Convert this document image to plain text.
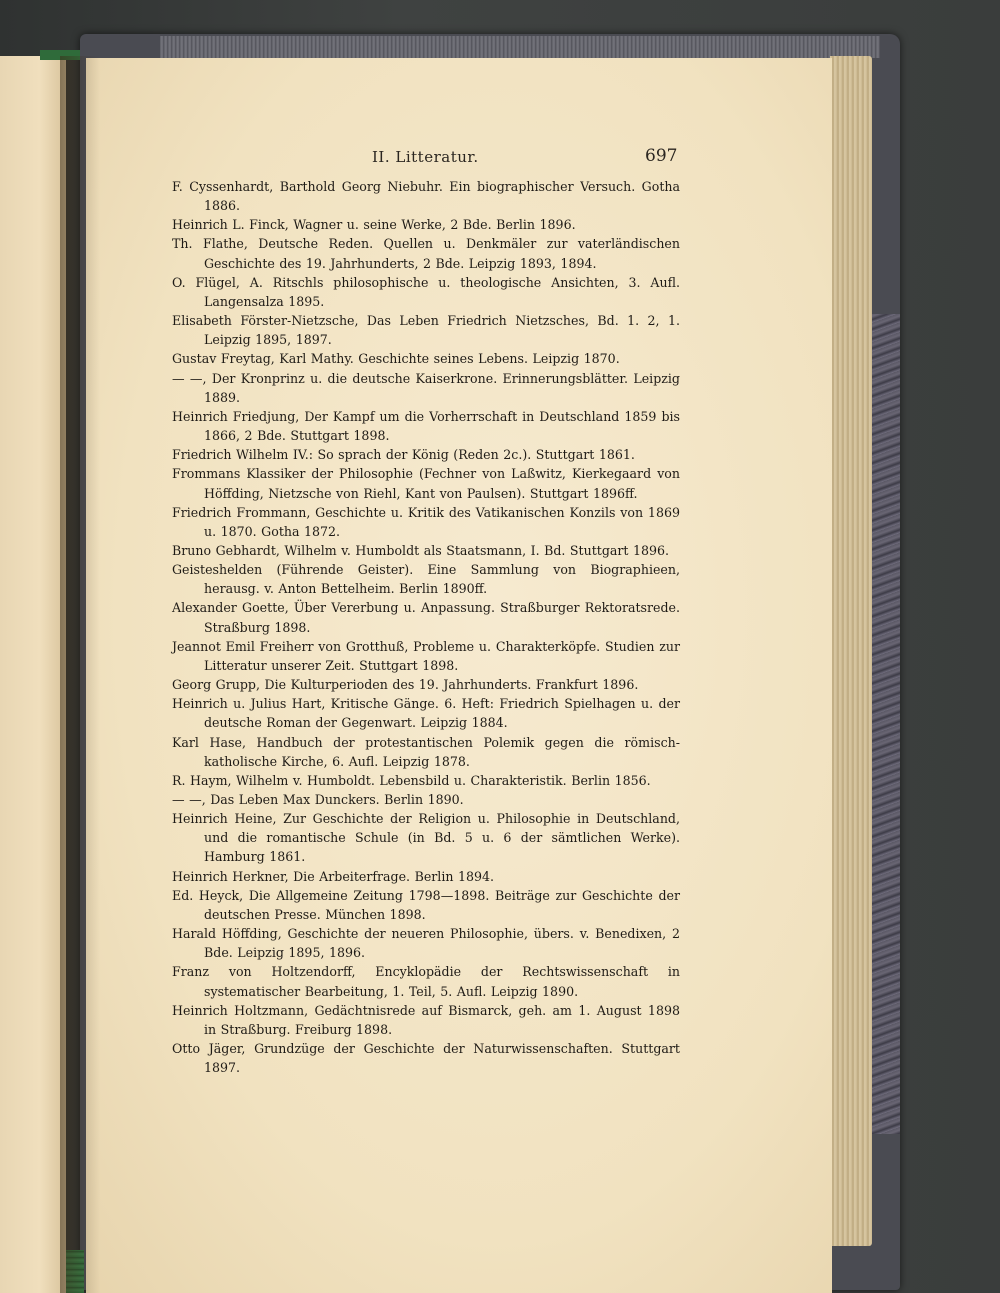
II. Litteratur.	697

F. Cyssenhardt, Barthold Georg Niebuhr. Ein biographischer Versuch. Gotha 1886.

Heinrich L. Finck, Wagner u. seine Werke, 2 Bde. Berlin 1896.

Th. Flathe, Deutsche Reden. Quellen u. Denkmäler zur vaterländischen Geschichte des 19. Jahrhunderts, 2 Bde. Leipzig 1893, 1894.

O. Flügel, A. Ritschls philosophische u. theologische Ansichten, 3. Aufl. Langensalza 1895.

Elisabeth Förster-Nietzsche, Das Leben Friedrich Nietzsches, Bd. 1. 2, 1. Leipzig 1895, 1897.

Gustav Freytag, Karl Mathy. Geschichte seines Lebens. Leipzig 1870.

— —, Der Kronprinz u. die deutsche Kaiserkrone. Erinnerungsblätter. Leipzig 1889.

Heinrich Friedjung, Der Kampf um die Vorherrschaft in Deutschland 1859 bis 1866, 2 Bde. Stuttgart 1898.

Friedrich Wilhelm IV.: So sprach der König (Reden 2c.). Stuttgart 1861.

Frommans Klassiker der Philosophie (Fechner von Laßwitz, Kierkegaard von Höffding, Nietzsche von Riehl, Kant von Paulsen). Stuttgart 1896ff.

Friedrich Frommann, Geschichte u. Kritik des Vatikanischen Konzils von 1869 u. 1870. Gotha 1872.

Bruno Gebhardt, Wilhelm v. Humboldt als Staatsmann, I. Bd. Stuttgart 1896.

Geisteshelden (Führende Geister). Eine Sammlung von Biographieen, herausg. v. Anton Bettelheim. Berlin 1890ff.

Alexander Goette, Über Vererbung u. Anpassung. Straßburger Rektoratsrede. Straßburg 1898.

Jeannot Emil Freiherr von Grotthuß, Probleme u. Charakterköpfe. Studien zur Litteratur unserer Zeit. Stuttgart 1898.

Georg Grupp, Die Kulturperioden des 19. Jahrhunderts. Frankfurt 1896.

Heinrich u. Julius Hart, Kritische Gänge. 6. Heft: Friedrich Spielhagen u. der deutsche Roman der Gegenwart. Leipzig 1884.

Karl Hase, Handbuch der protestantischen Polemik gegen die römisch-katholische Kirche, 6. Aufl. Leipzig 1878.

R. Haym, Wilhelm v. Humboldt. Lebensbild u. Charakteristik. Berlin 1856.

— —, Das Leben Max Dunckers. Berlin 1890.

Heinrich Heine, Zur Geschichte der Religion u. Philosophie in Deutschland, und die romantische Schule (in Bd. 5 u. 6 der sämtlichen Werke). Hamburg 1861.

Heinrich Herkner, Die Arbeiterfrage. Berlin 1894.

Ed. Heyck, Die Allgemeine Zeitung 1798—1898. Beiträge zur Geschichte der deutschen Presse. München 1898.

Harald Höffding, Geschichte der neueren Philosophie, übers. v. Benedixen, 2 Bde. Leipzig 1895, 1896.

Franz von Holtzendorff, Encyklopädie der Rechtswissenschaft in systematischer Bearbeitung, 1. Teil, 5. Aufl. Leipzig 1890.

Heinrich Holtzmann, Gedächtnisrede auf Bismarck, geh. am 1. August 1898 in Straßburg. Freiburg 1898.

Otto Jäger, Grundzüge der Geschichte der Naturwissenschaften. Stuttgart 1897.
